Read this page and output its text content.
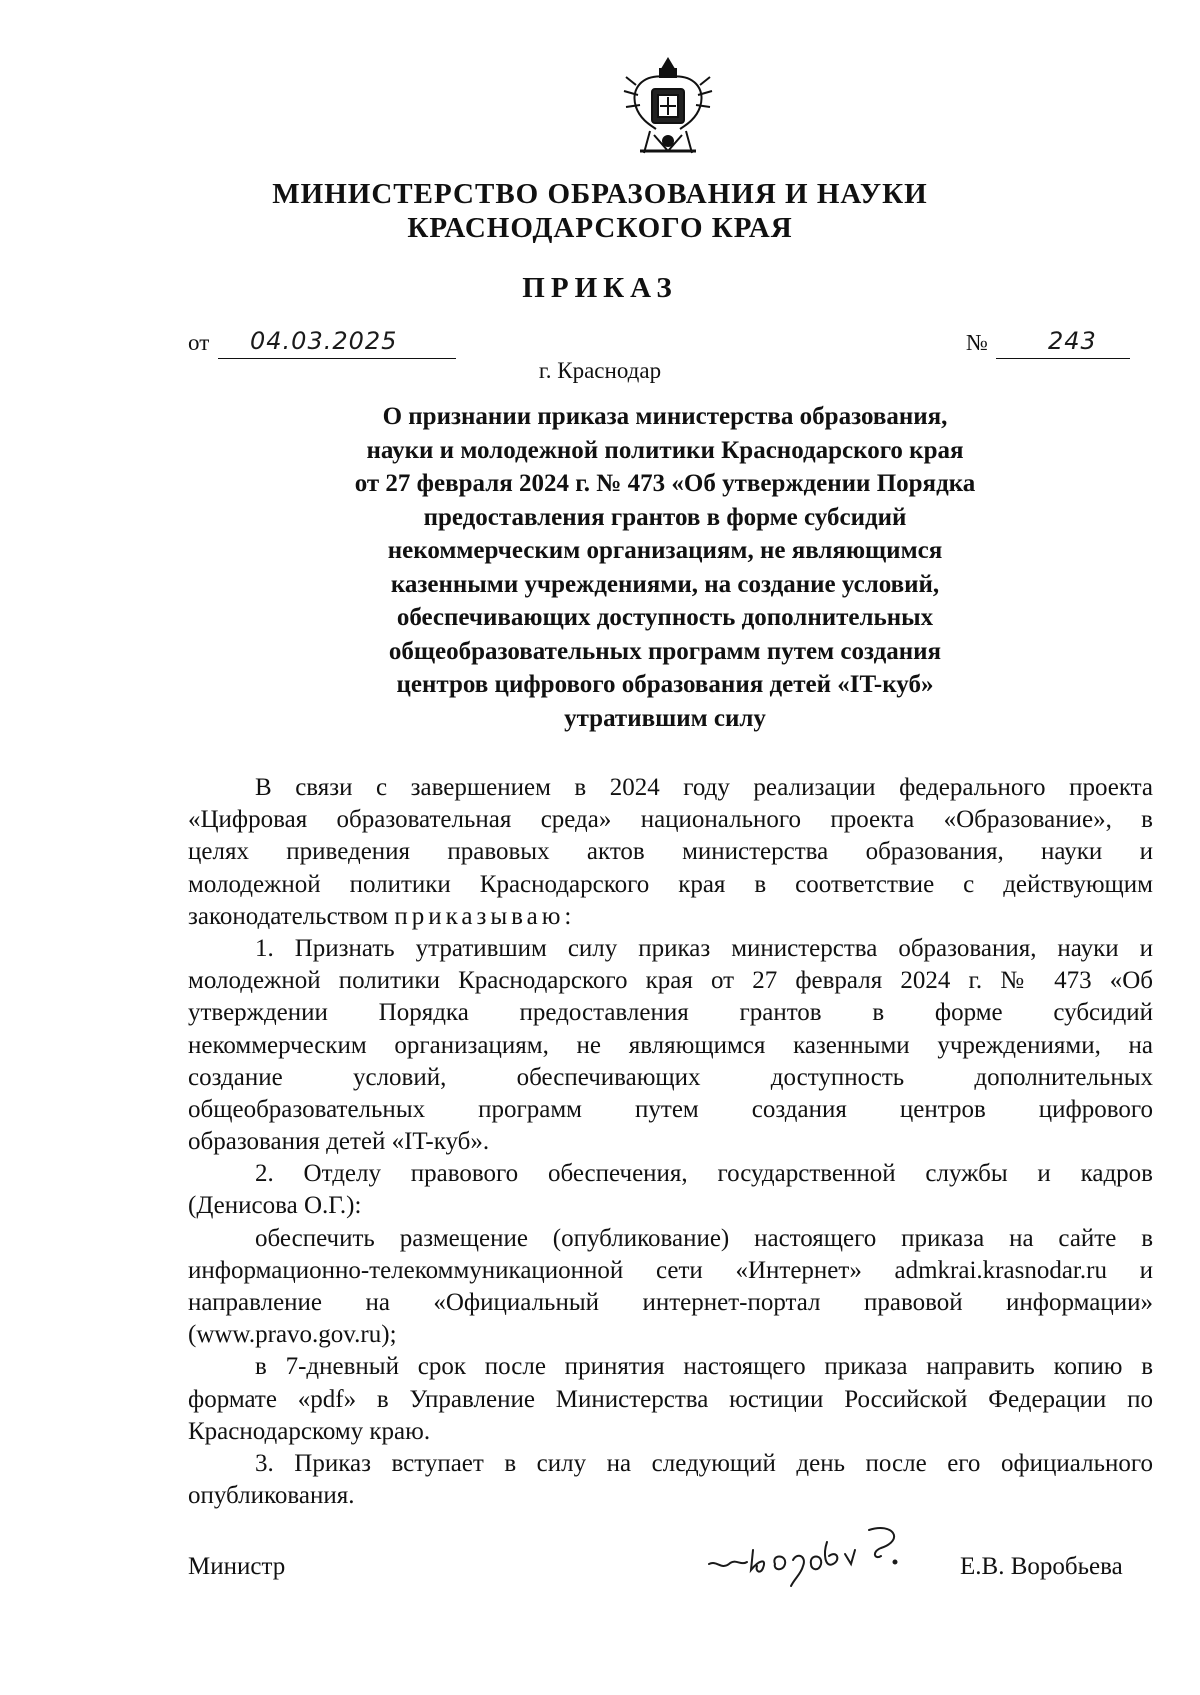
МИНИСТЕРСТВО ОБРАЗОВАНИЯ И НАУКИ
КРАСНОДАРСКОГО КРАЯ
ПРИКАЗ
от 04.03.2025	№	243
г. Краснодар
О признании приказа министерства образования,
науки и молодежной политики Краснодарского края
от 27 февраля 2024 г. № 473 «Об утверждении Порядка
предоставления грантов в форме субсидий
некоммерческим организациям, не являющимся
казенными учреждениями, на создание условий,
обеспечивающих доступность дополнительных
общеобразовательных программ путем создания
центров цифрового образования детей «IT-куб»
утратившим силу
В связи с завершением в 2024 году реализации федерального проекта
«Цифровая образовательная среда» национального проекта «Образование», в
целях приведения правовых актов министерства образования, науки и
молодежной политики Краснодарского края в соответствие с действующим
законодательством приказываю:
1. Признать утратившим силу приказ министерства образования, науки и
молодежной политики Краснодарского края от 27 февраля 2024 г. № 473 «Об
утверждении Порядка предоставления грантов в форме субсидий
некоммерческим организациям, не являющимся казенными учреждениями, на
создание условий, обеспечивающих доступность дополнительных
общеобразовательных программ путем создания центров цифрового
образования детей «IT-куб».
2. Отделу правового обеспечения, государственной службы и кадров
(Денисова О.Г.):
обеспечить размещение (опубликование) настоящего приказа на сайте в
информационно-телекоммуникационной сети «Интернет» admkrai.krasnodar.ru и
направление на «Официальный интернет-портал правовой информации»
(www.pravo.gov.ru);
в 7-дневный срок после принятия настоящего приказа направить копию в
формате «pdf» в Управление Министерства юстиции Российской Федерации по
Краснодарскому краю.
3. Приказ вступает в силу на следующий день после его официального
опубликования.
Министр	Е.В. Воробьева
